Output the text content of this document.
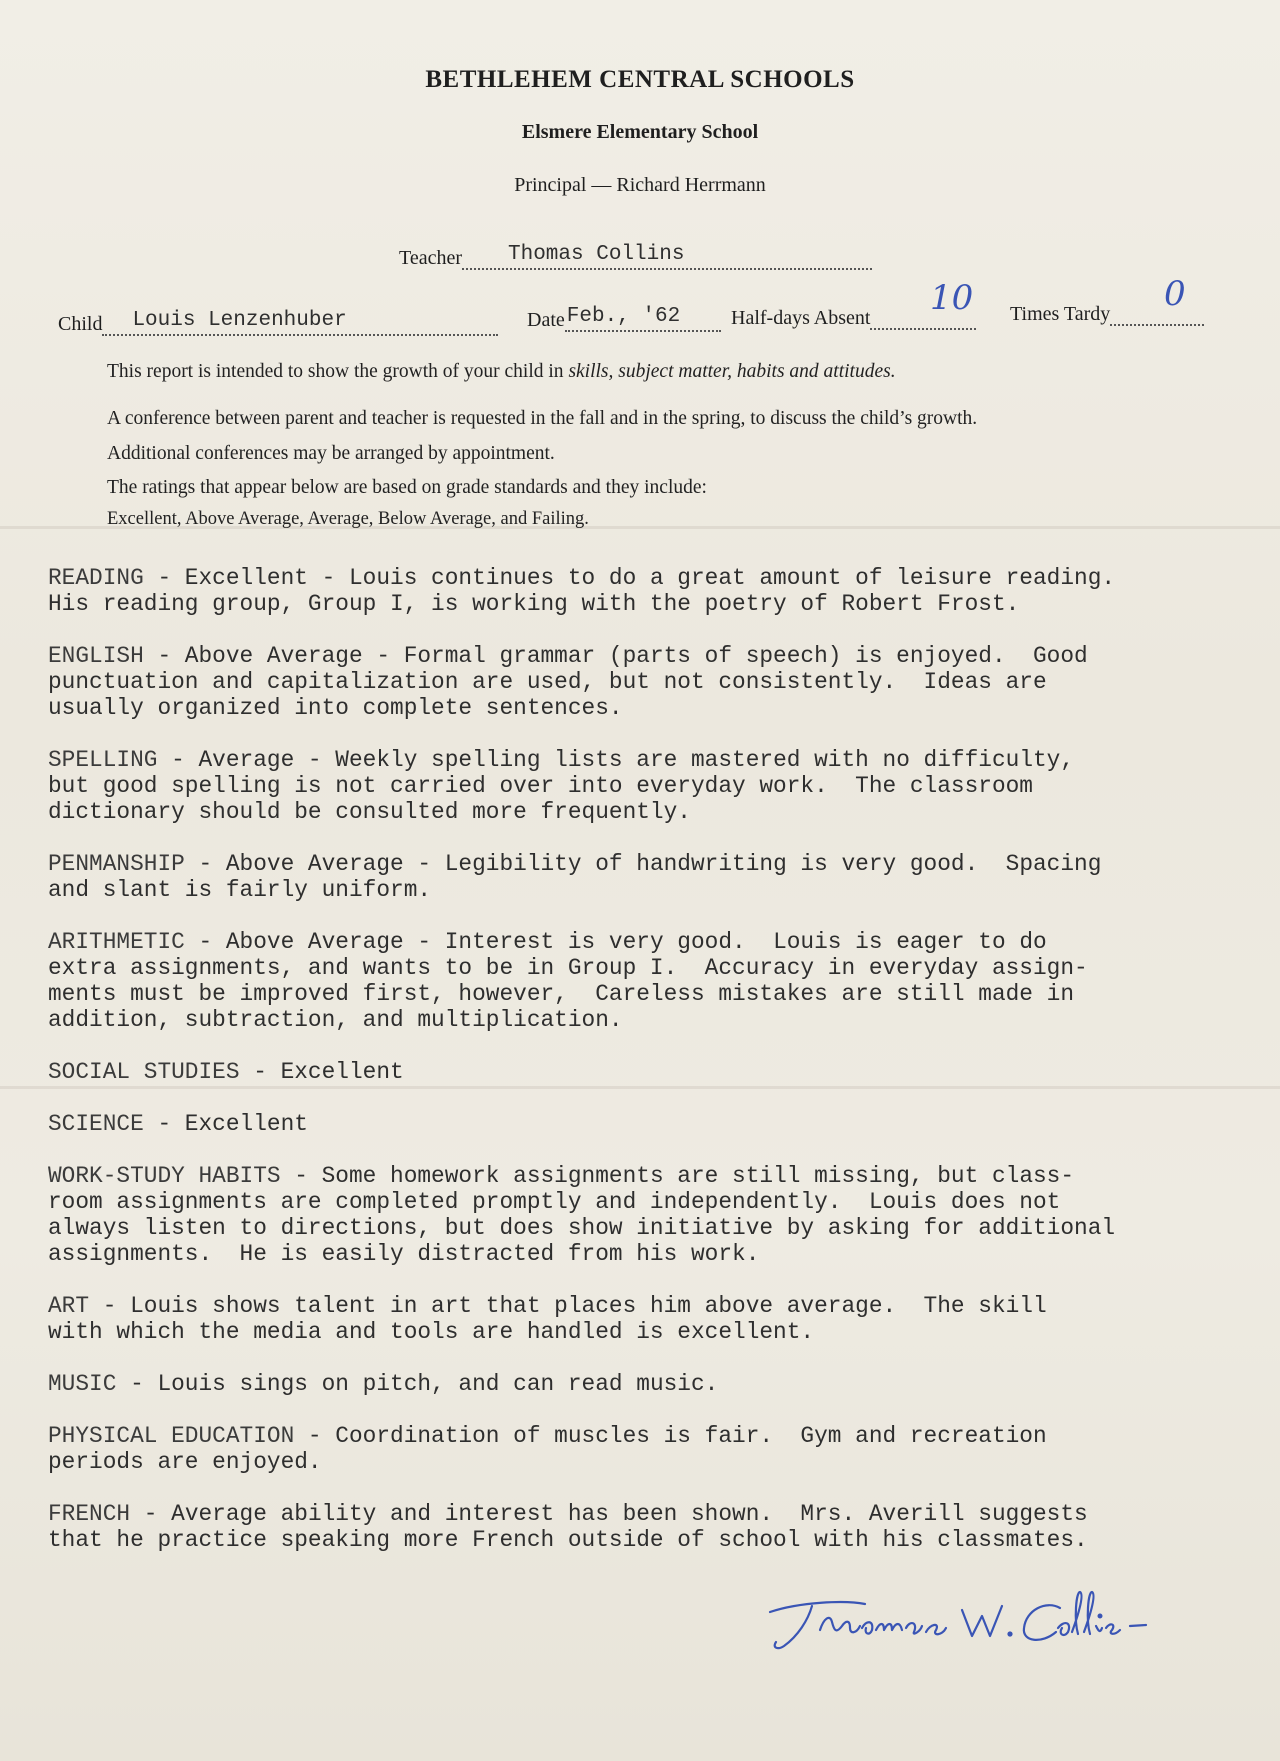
BETHLEHEM CENTRAL SCHOOLS
Elsmere Elementary School
Principal — Richard Herrmann
Teacher Thomas Collins
Child Louis Lenzenhuber	Date Feb., '62	Half-days Absent	10 Times Tardy	0
This report is intended to show the growth of your child in skills, subject matter, habits and attitudes.
A conference between parent and teacher is requested in the fall and in the spring, to discuss the child’s growth.
Additional conferences may be arranged by appointment.
The ratings that appear below are based on grade standards and they include:
Excellent, Above Average, Average, Below Average, and Failing.
READING - Excellent - Louis continues to do a great amount of leisure reading.
His reading group, Group I, is working with the poetry of Robert Frost.
ENGLISH - Above Average - Formal grammar (parts of speech) is enjoyed.  Good
punctuation and capitalization are used, but not consistently.  Ideas are
usually organized into complete sentences.
SPELLING - Average - Weekly spelling lists are mastered with no difficulty,
but good spelling is not carried over into everyday work.  The classroom
dictionary should be consulted more frequently.
PENMANSHIP - Above Average - Legibility of handwriting is very good.  Spacing
and slant is fairly uniform.
ARITHMETIC - Above Average - Interest is very good.  Louis is eager to do
extra assignments, and wants to be in Group I.  Accuracy in everyday assign-
ments must be improved first, however,  Careless mistakes are still made in
addition, subtraction, and multiplication.
SOCIAL STUDIES - Excellent
SCIENCE - Excellent
WORK-STUDY HABITS - Some homework assignments are still missing, but class-
room assignments are completed promptly and independently.  Louis does not
always listen to directions, but does show initiative by asking for additional
assignments.  He is easily distracted from his work.
ART - Louis shows talent in art that places him above average.  The skill
with which the media and tools are handled is excellent.
MUSIC - Louis sings on pitch, and can read music.
PHYSICAL EDUCATION - Coordination of muscles is fair.  Gym and recreation
periods are enjoyed.
FRENCH - Average ability and interest has been shown.  Mrs. Averill suggests
that he practice speaking more French outside of school with his classmates.
